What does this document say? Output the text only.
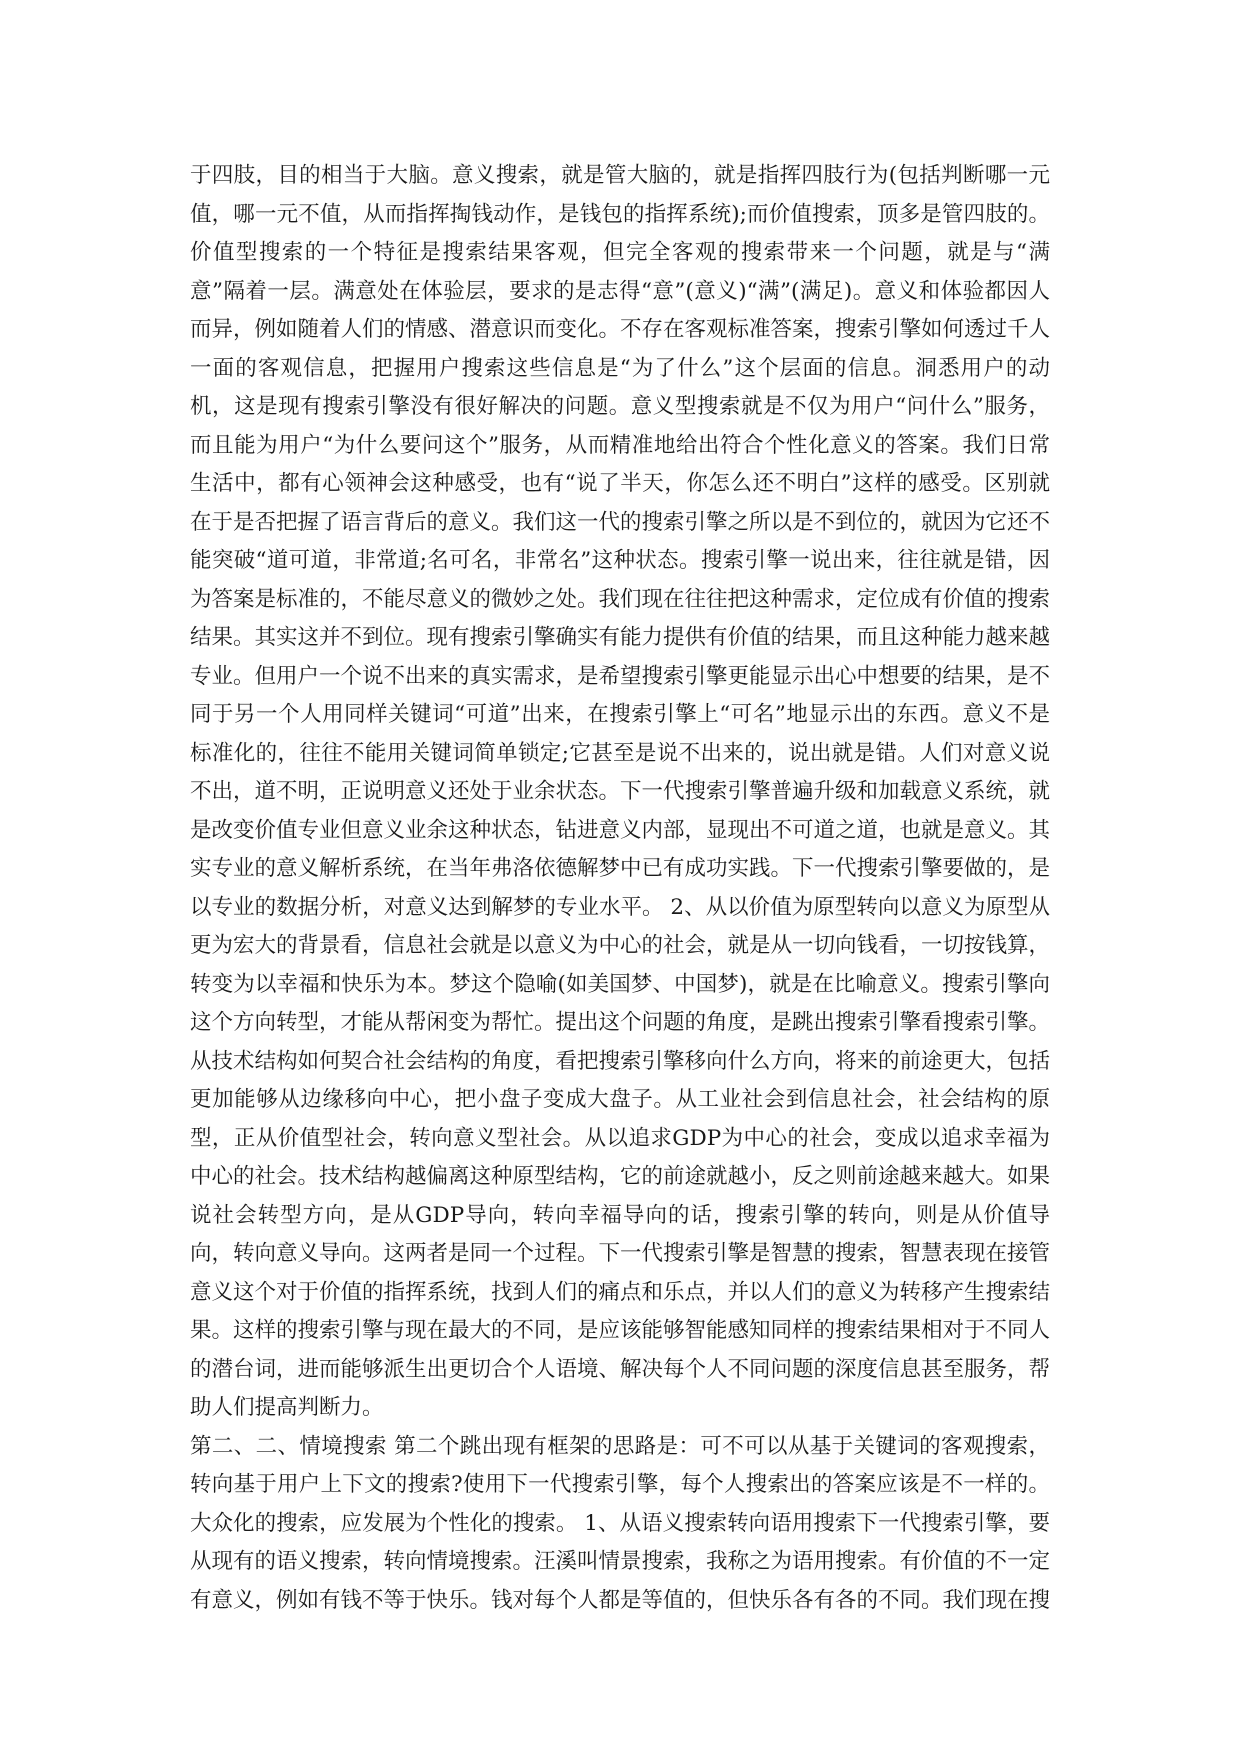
于四肢，目的相当于大脑。意义搜索，就是管大脑的，就是指挥四肢行为(包括判断哪一元值，哪一元不值，从而指挥掏钱动作，是钱包的指挥系统);而价值搜索，顶多是管四肢的。价值型搜索的一个特征是搜索结果客观，但完全客观的搜索带来一个问题，就是与“满意”隔着一层。满意处在体验层，要求的是志得“意”(意义)“满”(满足)。意义和体验都因人而异，例如随着人们的情感、潜意识而变化。不存在客观标准答案，搜索引擎如何透过千人一面的客观信息，把握用户搜索这些信息是“为了什么”这个层面的信息。洞悉用户的动机，这是现有搜索引擎没有很好解决的问题。意义型搜索就是不仅为用户“问什么”服务，而且能为用户“为什么要问这个”服务，从而精准地给出符合个性化意义的答案。我们日常生活中，都有心领神会这种感受，也有“说了半天，你怎么还不明白”这样的感受。区别就在于是否把握了语言背后的意义。我们这一代的搜索引擎之所以是不到位的，就因为它还不能突破“道可道，非常道;名可名，非常名”这种状态。搜索引擎一说出来，往往就是错，因为答案是标准的，不能尽意义的微妙之处。我们现在往往把这种需求，定位成有价值的搜索结果。其实这并不到位。现有搜索引擎确实有能力提供有价值的结果，而且这种能力越来越专业。但用户一个说不出来的真实需求，是希望搜索引擎更能显示出心中想要的结果，是不同于另一个人用同样关键词“可道”出来，在搜索引擎上“可名”地显示出的东西。意义不是标准化的，往往不能用关键词简单锁定;它甚至是说不出来的，说出就是错。人们对意义说不出，道不明，正说明意义还处于业余状态。下一代搜索引擎普遍升级和加载意义系统，就是改变价值专业但意义业余这种状态，钻进意义内部，显现出不可道之道，也就是意义。其实专业的意义解析系统，在当年弗洛依德解梦中已有成功实践。下一代搜索引擎要做的，是以专业的数据分析，对意义达到解梦的专业水平。 2、从以价值为原型转向以意义为原型从更为宏大的背景看，信息社会就是以意义为中心的社会，就是从一切向钱看，一切按钱算，转变为以幸福和快乐为本。梦这个隐喻(如美国梦、中国梦)，就是在比喻意义。搜索引擎向这个方向转型，才能从帮闲变为帮忙。提出这个问题的角度，是跳出搜索引擎看搜索引擎。从技术结构如何契合社会结构的角度，看把搜索引擎移向什么方向，将来的前途更大，包括更加能够从边缘移向中心，把小盘子变成大盘子。从工业社会到信息社会，社会结构的原型，正从价值型社会，转向意义型社会。从以追求GDP为中心的社会，变成以追求幸福为中心的社会。技术结构越偏离这种原型结构，它的前途就越小，反之则前途越来越大。如果说社会转型方向，是从GDP导向，转向幸福导向的话，搜索引擎的转向，则是从价值导向，转向意义导向。这两者是同一个过程。下一代搜索引擎是智慧的搜索，智慧表现在接管意义这个对于价值的指挥系统，找到人们的痛点和乐点，并以人们的意义为转移产生搜索结果。这样的搜索引擎与现在最大的不同，是应该能够智能感知同样的搜索结果相对于不同人的潜台词，进而能够派生出更切合个人语境、解决每个人不同问题的深度信息甚至服务，帮助人们提高判断力。

第二、二、情境搜索 第二个跳出现有框架的思路是：可不可以从基于关键词的客观搜索，转向基于用户上下文的搜索?使用下一代搜索引擎，每个人搜索出的答案应该是不一样的。大众化的搜索，应发展为个性化的搜索。 1、从语义搜索转向语用搜索下一代搜索引擎，要从现有的语义搜索，转向情境搜索。汪溪叫情景搜索，我称之为语用搜索。有价值的不一定有意义，例如有钱不等于快乐。钱对每个人都是等值的，但快乐各有各的不同。我们现在搜
